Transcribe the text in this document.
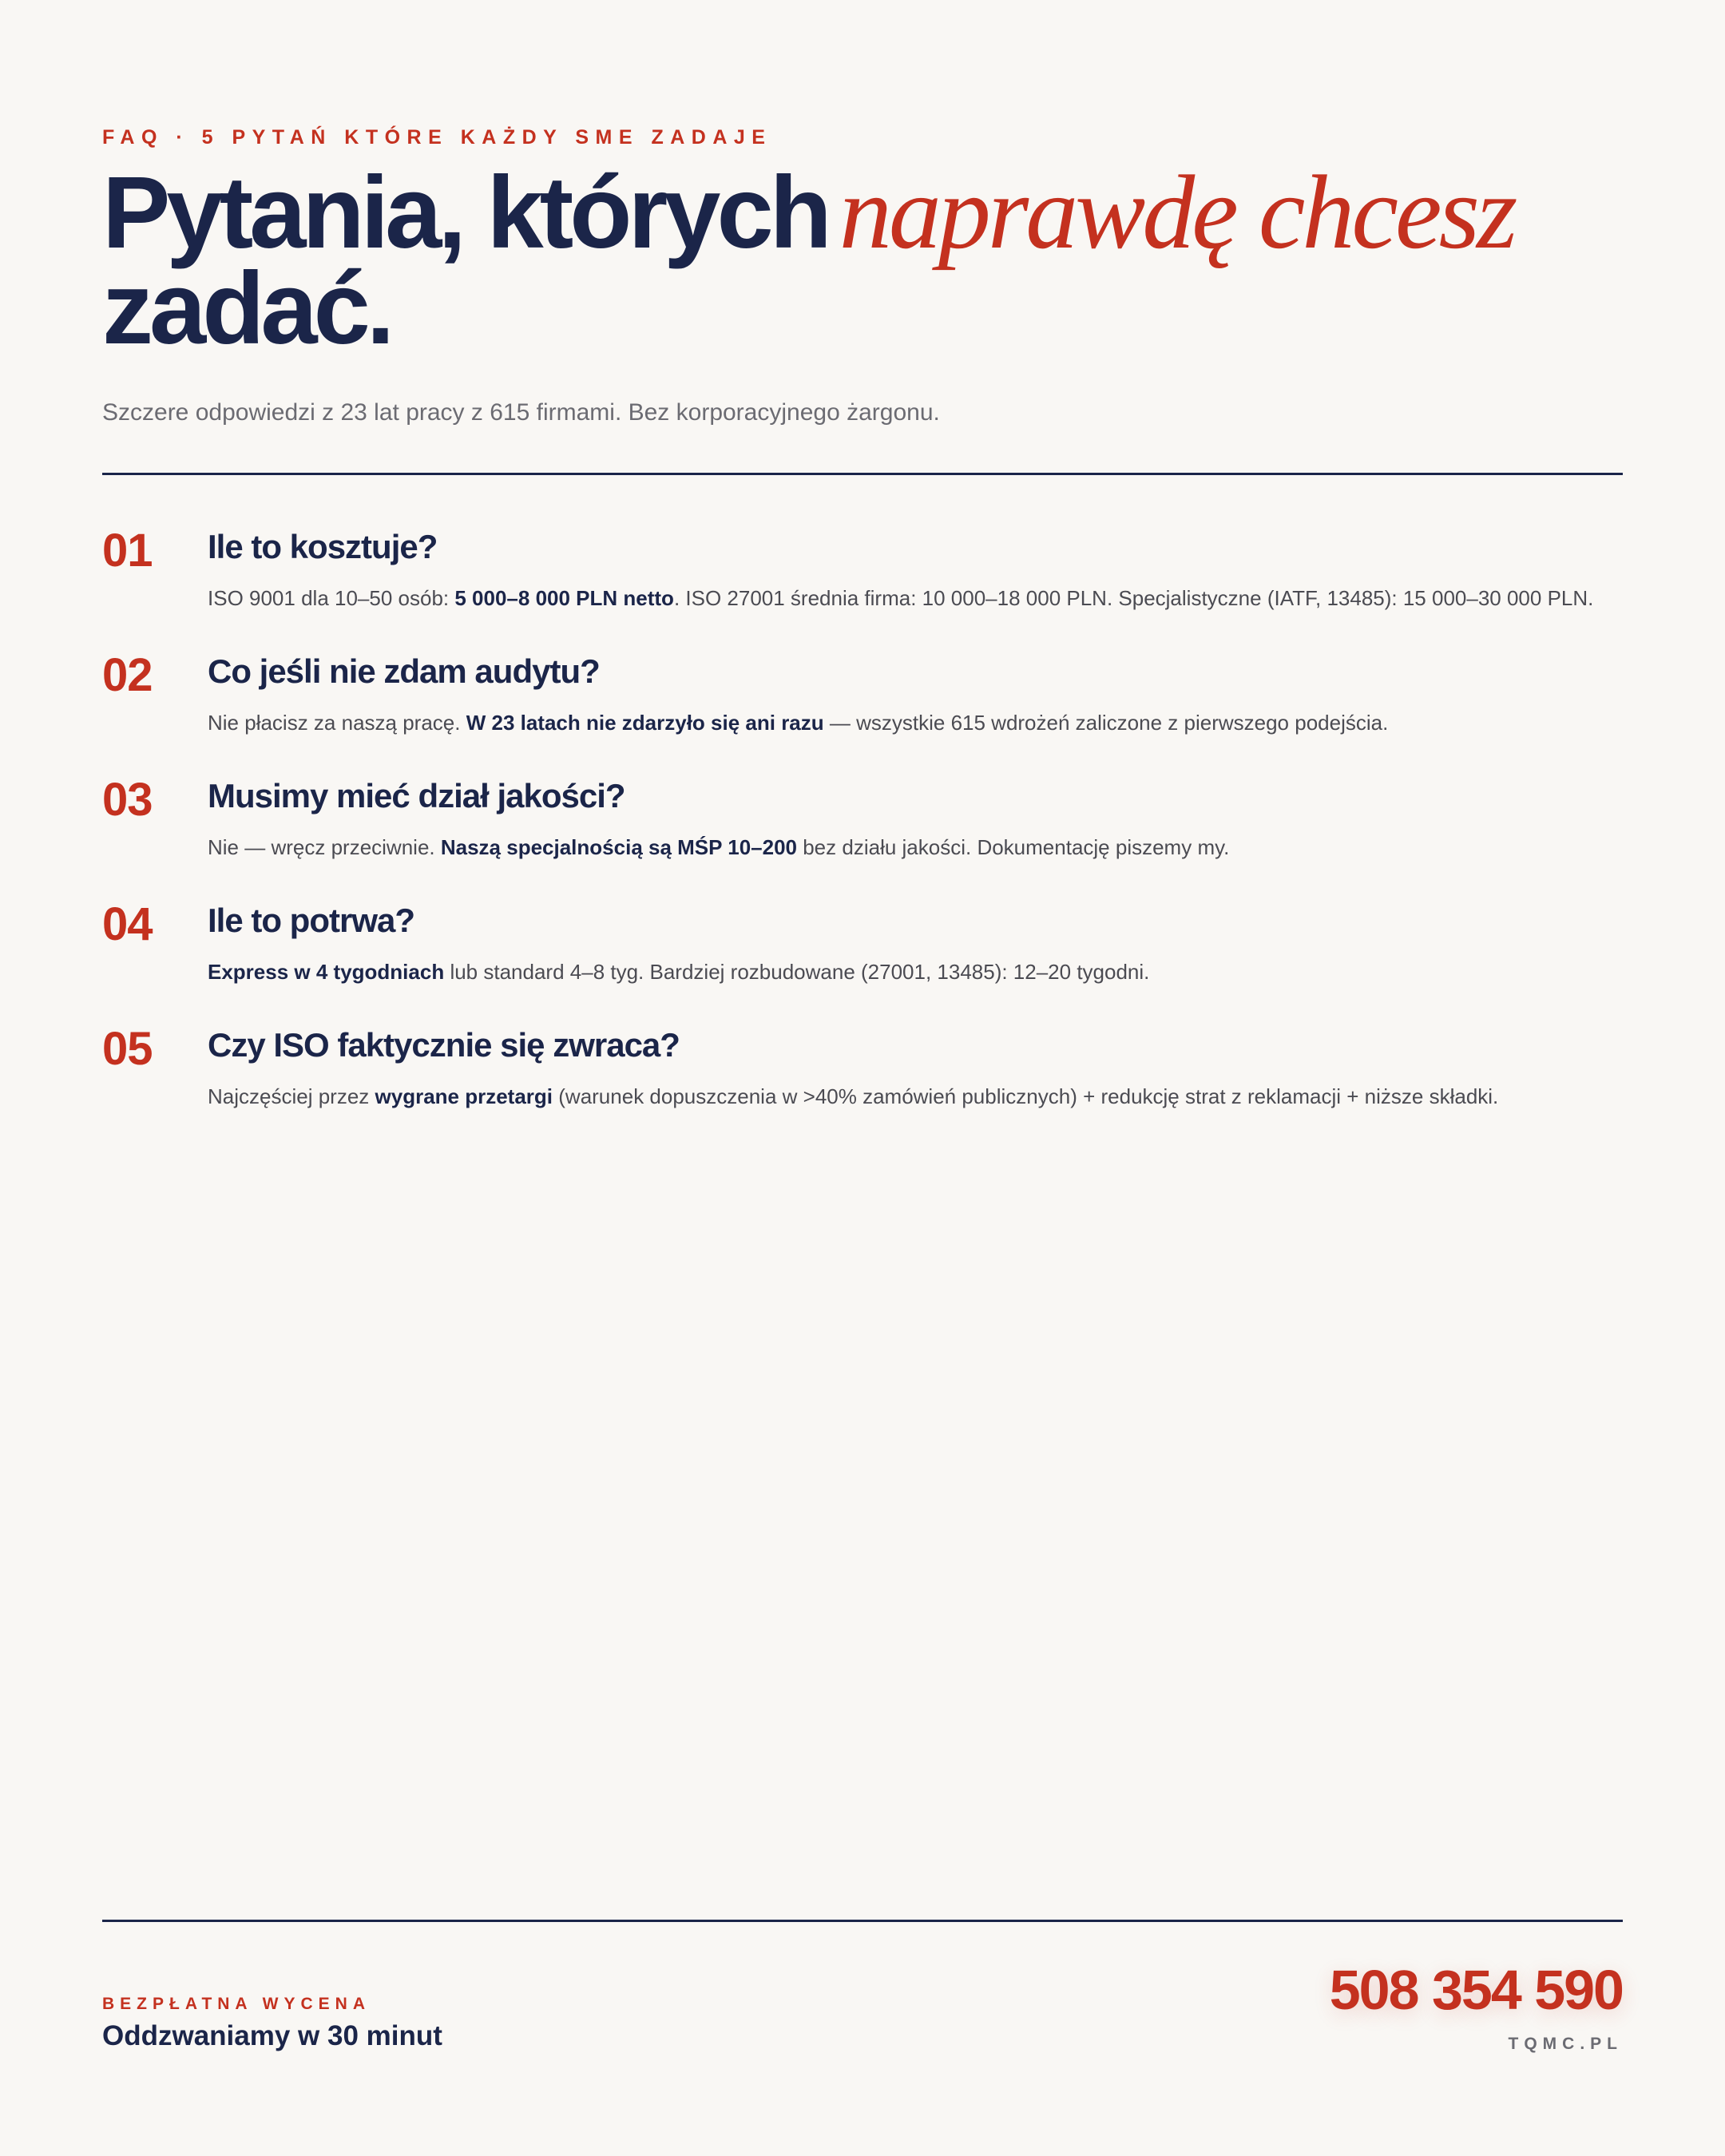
FAQ · 5 PYTAŃ KTÓRE KAŻDY SME ZADAJE
Pytania, których naprawdę chcesz
zadać.
Szczere odpowiedzi z 23 lat pracy z 615 firmami. Bez korporacyjnego żargonu.
01	Ile to kosztuje?

ISO 9001 dla 10–50 osób: 5 000–8 000 PLN netto. ISO 27001 średnia firma: 10 000–18 000 PLN. Specjalistyczne (IATF, 13485): 15 000–30 000 PLN.

02	Co jeśli nie zdam audytu?

Nie płacisz za naszą pracę. W 23 latach nie zdarzyło się ani razu — wszystkie 615 wdrożeń zaliczone z pierwszego podejścia.

03	Musimy mieć dział jakości?

Nie — wręcz przeciwnie. Naszą specjalnością są MŚP 10–200 bez działu jakości. Dokumentację piszemy my.

04	Ile to potrwa?

Express w 4 tygodniach lub standard 4–8 tyg. Bardziej rozbudowane (27001, 13485): 12–20 tygodni.

05	Czy ISO faktycznie się zwraca?

Najczęściej przez wygrane przetargi (warunek dopuszczenia w >40% zamówień publicznych) + redukcję strat z reklamacji + niższe składki.

BEZPŁATNA WYCENA
Oddzwaniamy w 30 minut
508 354 590
TQMC.PL
